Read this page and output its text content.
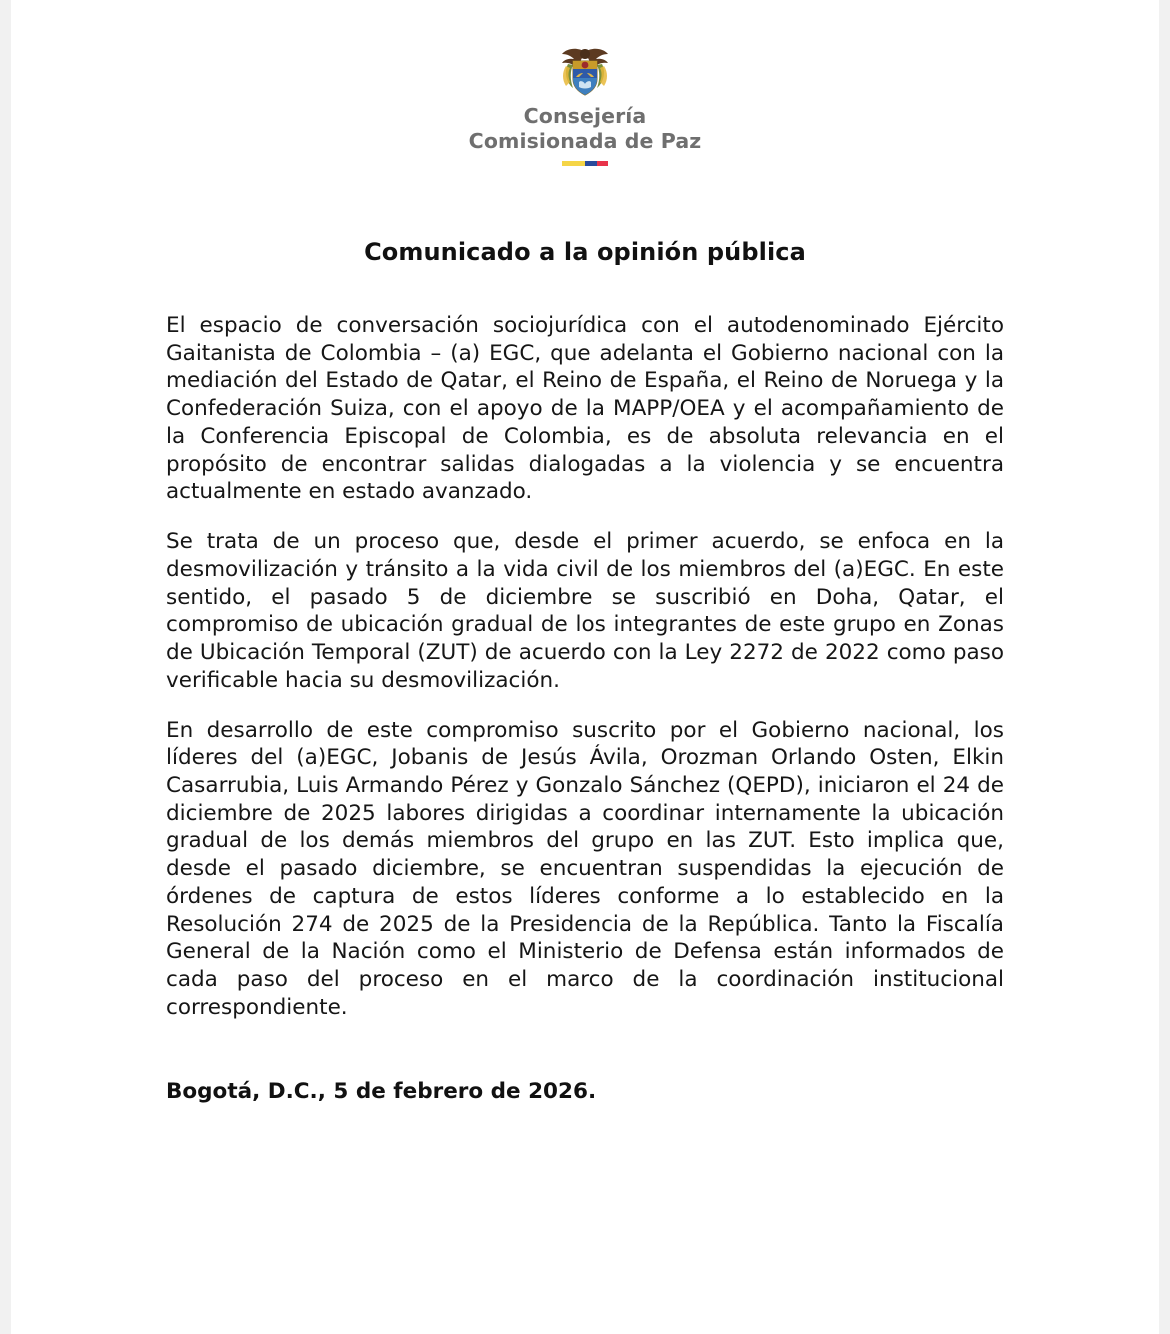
Consejería
Comisionada de Paz
Comunicado a la opinión pública

El espacio de conversación sociojurídica con el autodenominado Ejército Gaitanista de Colombia – (a) EGC, que adelanta el Gobierno nacional con la mediación del Estado de Qatar, el Reino de España, el Reino de Noruega y la Confederación Suiza, con el apoyo de la MAPP/OEA y el acompañamiento de la Conferencia Episcopal de Colombia, es de absoluta relevancia en el propósito de encontrar salidas dialogadas a la violencia y se encuentra actualmente en estado avanzado.

Se trata de un proceso que, desde el primer acuerdo, se enfoca en la desmovilización y tránsito a la vida civil de los miembros del (a)EGC. En este sentido, el pasado 5 de diciembre se suscribió en Doha, Qatar, el compromiso de ubicación gradual de los integrantes de este grupo en Zonas de Ubicación Temporal (ZUT) de acuerdo con la Ley 2272 de 2022 como paso verificable hacia su desmovilización.

En desarrollo de este compromiso suscrito por el Gobierno nacional, los líderes del (a)EGC, Jobanis de Jesús Ávila, Orozman Orlando Osten, Elkin Casarrubia, Luis Armando Pérez y Gonzalo Sánchez (QEPD), iniciaron el 24 de diciembre de 2025 labores dirigidas a coordinar internamente la ubicación gradual de los demás miembros del grupo en las ZUT. Esto implica que, desde el pasado diciembre, se encuentran suspendidas la ejecución de órdenes de captura de estos líderes conforme a lo establecido en la Resolución 274 de 2025 de la Presidencia de la República. Tanto la Fiscalía General de la Nación como el Ministerio de Defensa están informados de cada paso del proceso en el marco de la coordinación institucional correspondiente.

Bogotá, D.C., 5 de febrero de 2026.
